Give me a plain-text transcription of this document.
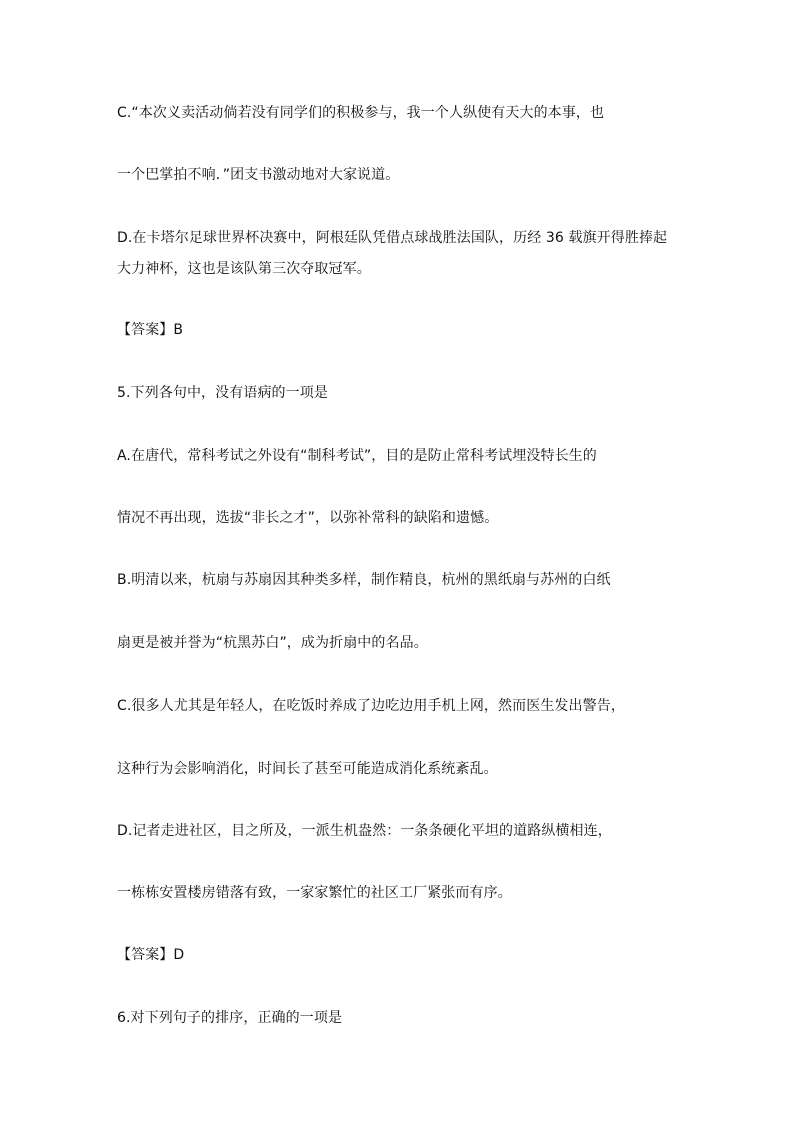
C.“本次义卖活动倘若没有同学们的积极参与，我一个人纵使有天大的本事，也
一个巴掌拍不响．”团支书激动地对大家说道。
D.在卡塔尔足球世界杯决赛中，阿根廷队凭借点球战胜法国队，历经 36 载旗开得胜捧起
大力神杯，这也是该队第三次夺取冠军。
【答案】B
5.下列各句中，没有语病的一项是
A.在唐代，常科考试之外设有“制科考试”，目的是防止常科考试埋没特长生的
情况不再出现，选拔“非长之才”，以弥补常科的缺陷和遗憾。
B.明清以来，杭扇与苏扇因其种类多样，制作精良，杭州的黑纸扇与苏州的白纸
扇更是被并誉为“杭黑苏白”，成为折扇中的名品。
C.很多人尤其是年轻人，在吃饭时养成了边吃边用手机上网，然而医生发出警告，
这种行为会影响消化，时间长了甚至可能造成消化系统紊乱。
D.记者走进社区，目之所及，一派生机盎然：一条条硬化平坦的道路纵横相连，
一栋栋安置楼房错落有致，一家家繁忙的社区工厂紧张而有序。
【答案】D
6.对下列句子的排序，正确的一项是
